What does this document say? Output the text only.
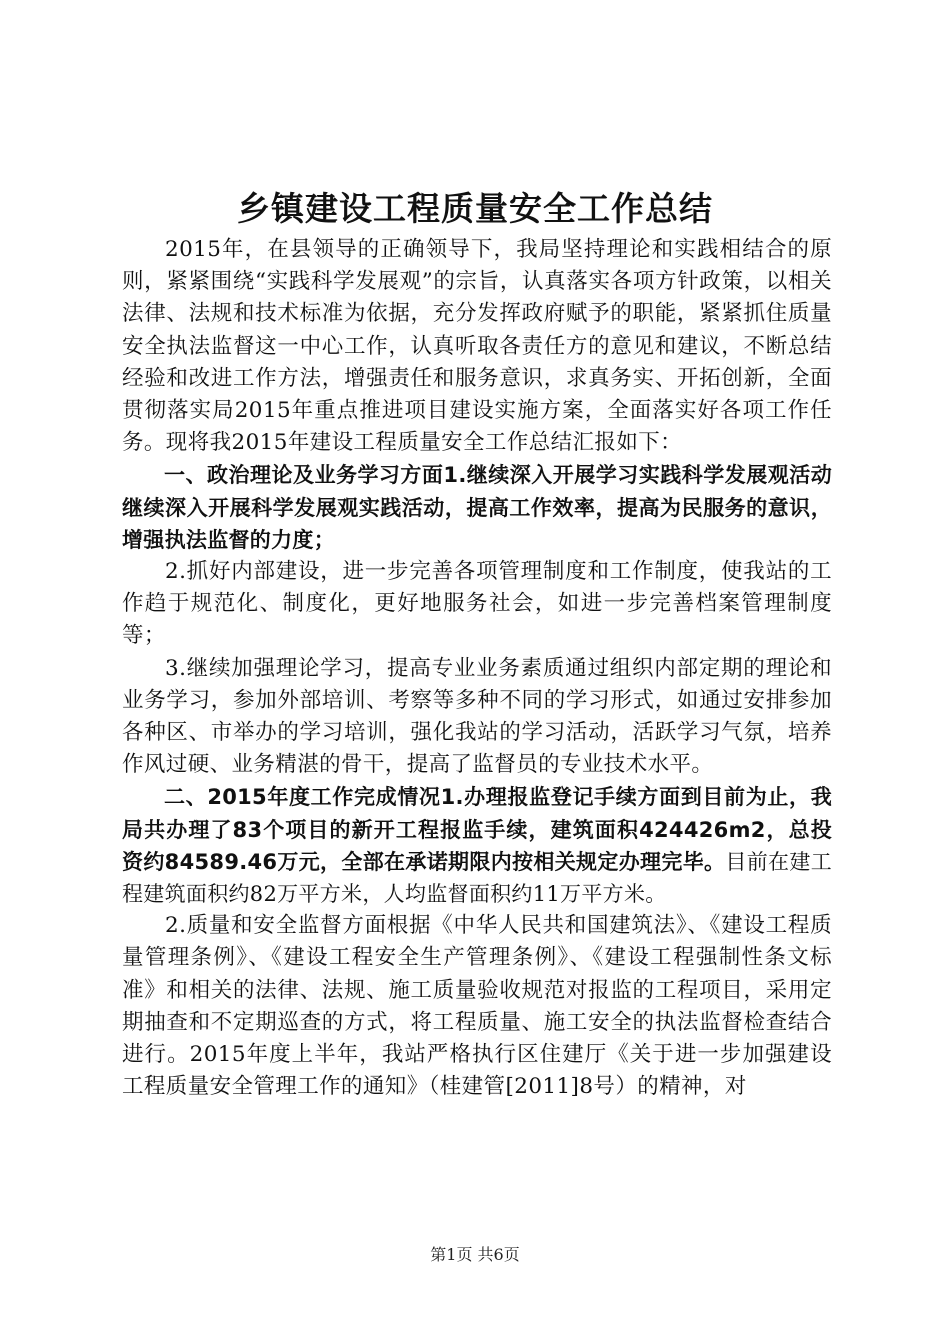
乡镇建设工程质量安全工作总结

2015年，在县领导的正确领导下，我局坚持理论和实践相结合的原则，紧紧围绕“实践科学发展观”的宗旨，认真落实各项方针政策，以相关法律、法规和技术标准为依据，充分发挥政府赋予的职能，紧紧抓住质量安全执法监督这一中心工作，认真听取各责任方的意见和建议，不断总结经验和改进工作方法，增强责任和服务意识，求真务实、开拓创新，全面贯彻落实局2015年重点推进项目建设实施方案，全面落实好各项工作任务。现将我2015年建设工程质量安全工作总结汇报如下：

一、政治理论及业务学习方面1.继续深入开展学习实践科学发展观活动继续深入开展科学发展观实践活动，提高工作效率，提高为民服务的意识，增强执法监督的力度；

2.抓好内部建设，进一步完善各项管理制度和工作制度，使我站的工作趋于规范化、制度化，更好地服务社会，如进一步完善档案管理制度等；

3.继续加强理论学习，提高专业业务素质通过组织内部定期的理论和业务学习，参加外部培训、考察等多种不同的学习形式，如通过安排参加各种区、市举办的学习培训，强化我站的学习活动，活跃学习气氛，培养作风过硬、业务精湛的骨干，提高了监督员的专业技术水平。

二、2015年度工作完成情况1.办理报监登记手续方面到目前为止，我局共办理了83个项目的新开工程报监手续，建筑面积424426m2，总投资约84589.46万元，全部在承诺期限内按相关规定办理完毕。目前在建工程建筑面积约82万平方米，人均监督面积约11万平方米。

2.质量和安全监督方面根据《中华人民共和国建筑法》、《建设工程质量管理条例》、《建设工程安全生产管理条例》、《建设工程强制性条文标准》和相关的法律、法规、施工质量验收规范对报监的工程项目，采用定期抽查和不定期巡查的方式，将工程质量、施工安全的执法监督检查结合进行。2015年度上半年，我站严格执行区住建厅《关于进一步加强建设工程质量安全管理工作的通知》（桂建管[2011]8号）的精神，对

第1页 共6页
